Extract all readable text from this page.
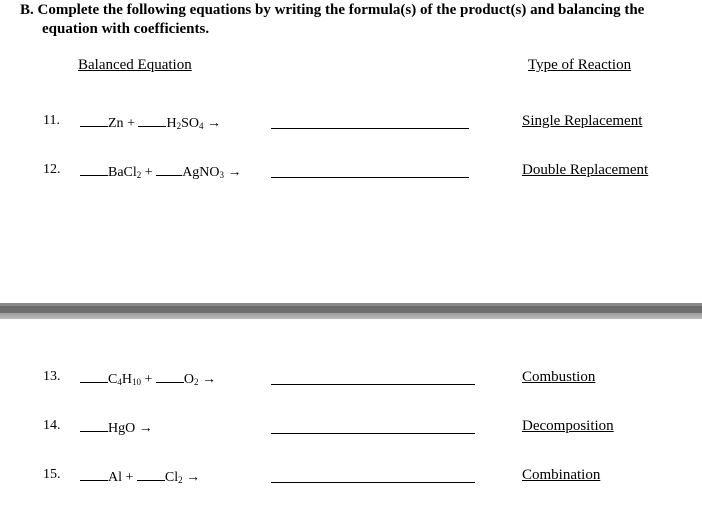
B. Complete the following equations by writing the formula(s) of the product(s) and balancing the
equation with coefficients.
Balanced Equation	Type of Reaction
11.	$Zn + H_2SO_4$ →	Single Replacement
12.	BaCl$_2$ + AgNO$_3$ →	Double Replacement
13.	$C_4H_{10} + O_2$ →	Combustion
14.	HgO →	Decomposition
15.	$Al + Cl_2$ →	Combination
